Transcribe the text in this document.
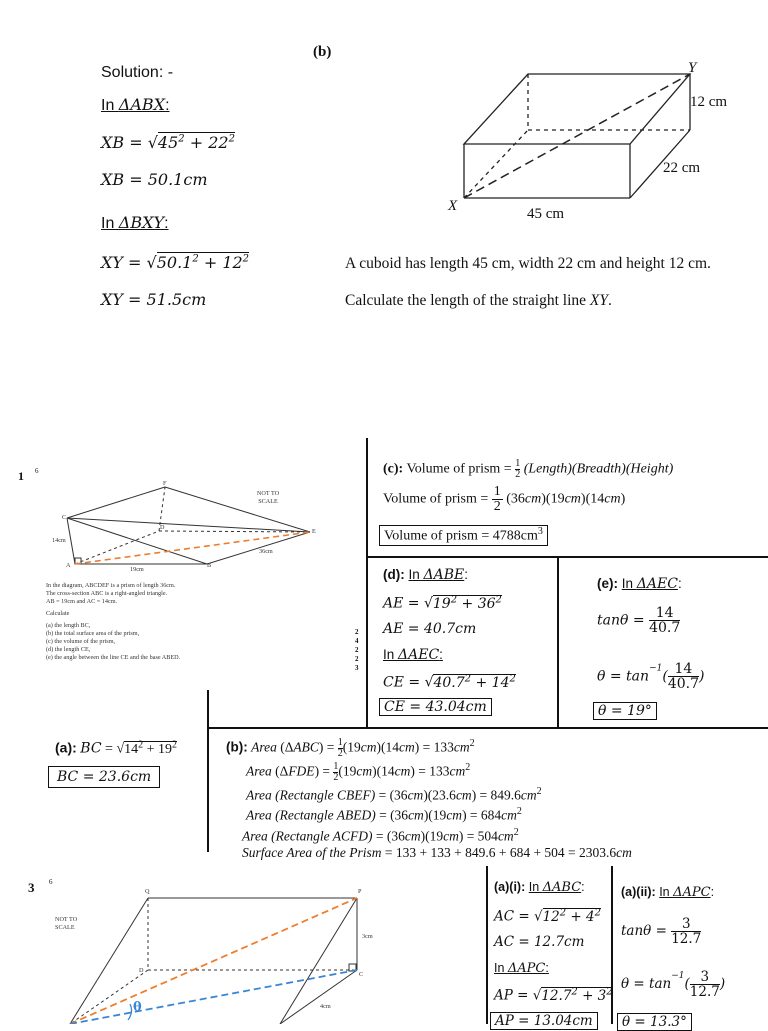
(b)
Solution: -
In ΔABX:
XB = $√45^2 + 22^2$
XB = 50.1cm
In ΔBXY:
XY = $√50.1^2 + 12^2$
XY = 51.5cm
Y
X
12 cm
22 cm
45 cm
A cuboid has length 45 cm, width 22 cm and height 12 cm.
Calculate the length of the straight line XY.
1 6
F
C
D
E
A	B
NOT TO SCALE
14cm
19cm
36cm
In the diagram, ABCDEF is a prism of length 36cm.
The cross-section ABC is a right-angled triangle.
AB = 19cm and AC = 14cm.
Calculate
(a) the length BC,
(b) the total surface area of the prism,
(c) the volume of the prism,
(d) the length CE,
(e) the angle between the line CE and the base ABED.
2
4
2
2
3
(c): Volume of prism = $\frac{1}{2}$ (Length)(Breadth)(Height)
Volume of prism = $\frac{1}{2} (36cm)(19cm)(14cm)$
Volume of prism = $4788cm^3$
(d): In ΔABE:
AE = $√19^2 + 36^2$
AE = 40.7cm
In ΔAEC:
CE = $√40.7^2 + 14^2$
CE = 43.04cm
(e): In ΔAEC:
$\tan\theta = \frac{14}{40.7}$
$\theta = \tan^{-1}( \frac{14}{40.7}$ )
θ = 19°
(a): BC = $√14^2 + 19^2$
BC = 23.6cm
(b): Area $(\Delta ABC) = \frac{1}{2}(19cm)(14cm) = 133cm^2$
Area $(\Delta FDE) = \frac{1}{2}(19cm)(14cm) = 133cm^2$
Area (Rectangle CBEF) = $(36cm)(23.6cm) = 849.6cm^2$
Area (Rectangle ABED) = $(36cm)(19cm) = 684cm^2$
Area (Rectangle ACFD) = $(36cm)(19cm) = 504cm^2$
Surface Area of the Prism = 133 + 133 + 849.6 + 684 + 504 = 2303.6cm
3 6
Q	P
D
C
NOT TO SCALE
3cm
4cm
θ
(a)(i): In ΔABC:
AC = $√12^2 + 4^2$
AC = 12.7cm
In ΔAPC:
AP = $√12.7^2 + 3^2$
AP = 13.04cm
(a)(ii): In ΔAPC:
$\tan\theta = \frac{3}{12.7}$
$\theta = \tan^{-1}( \frac{3}{12.7}$ )
θ = 13.3°
